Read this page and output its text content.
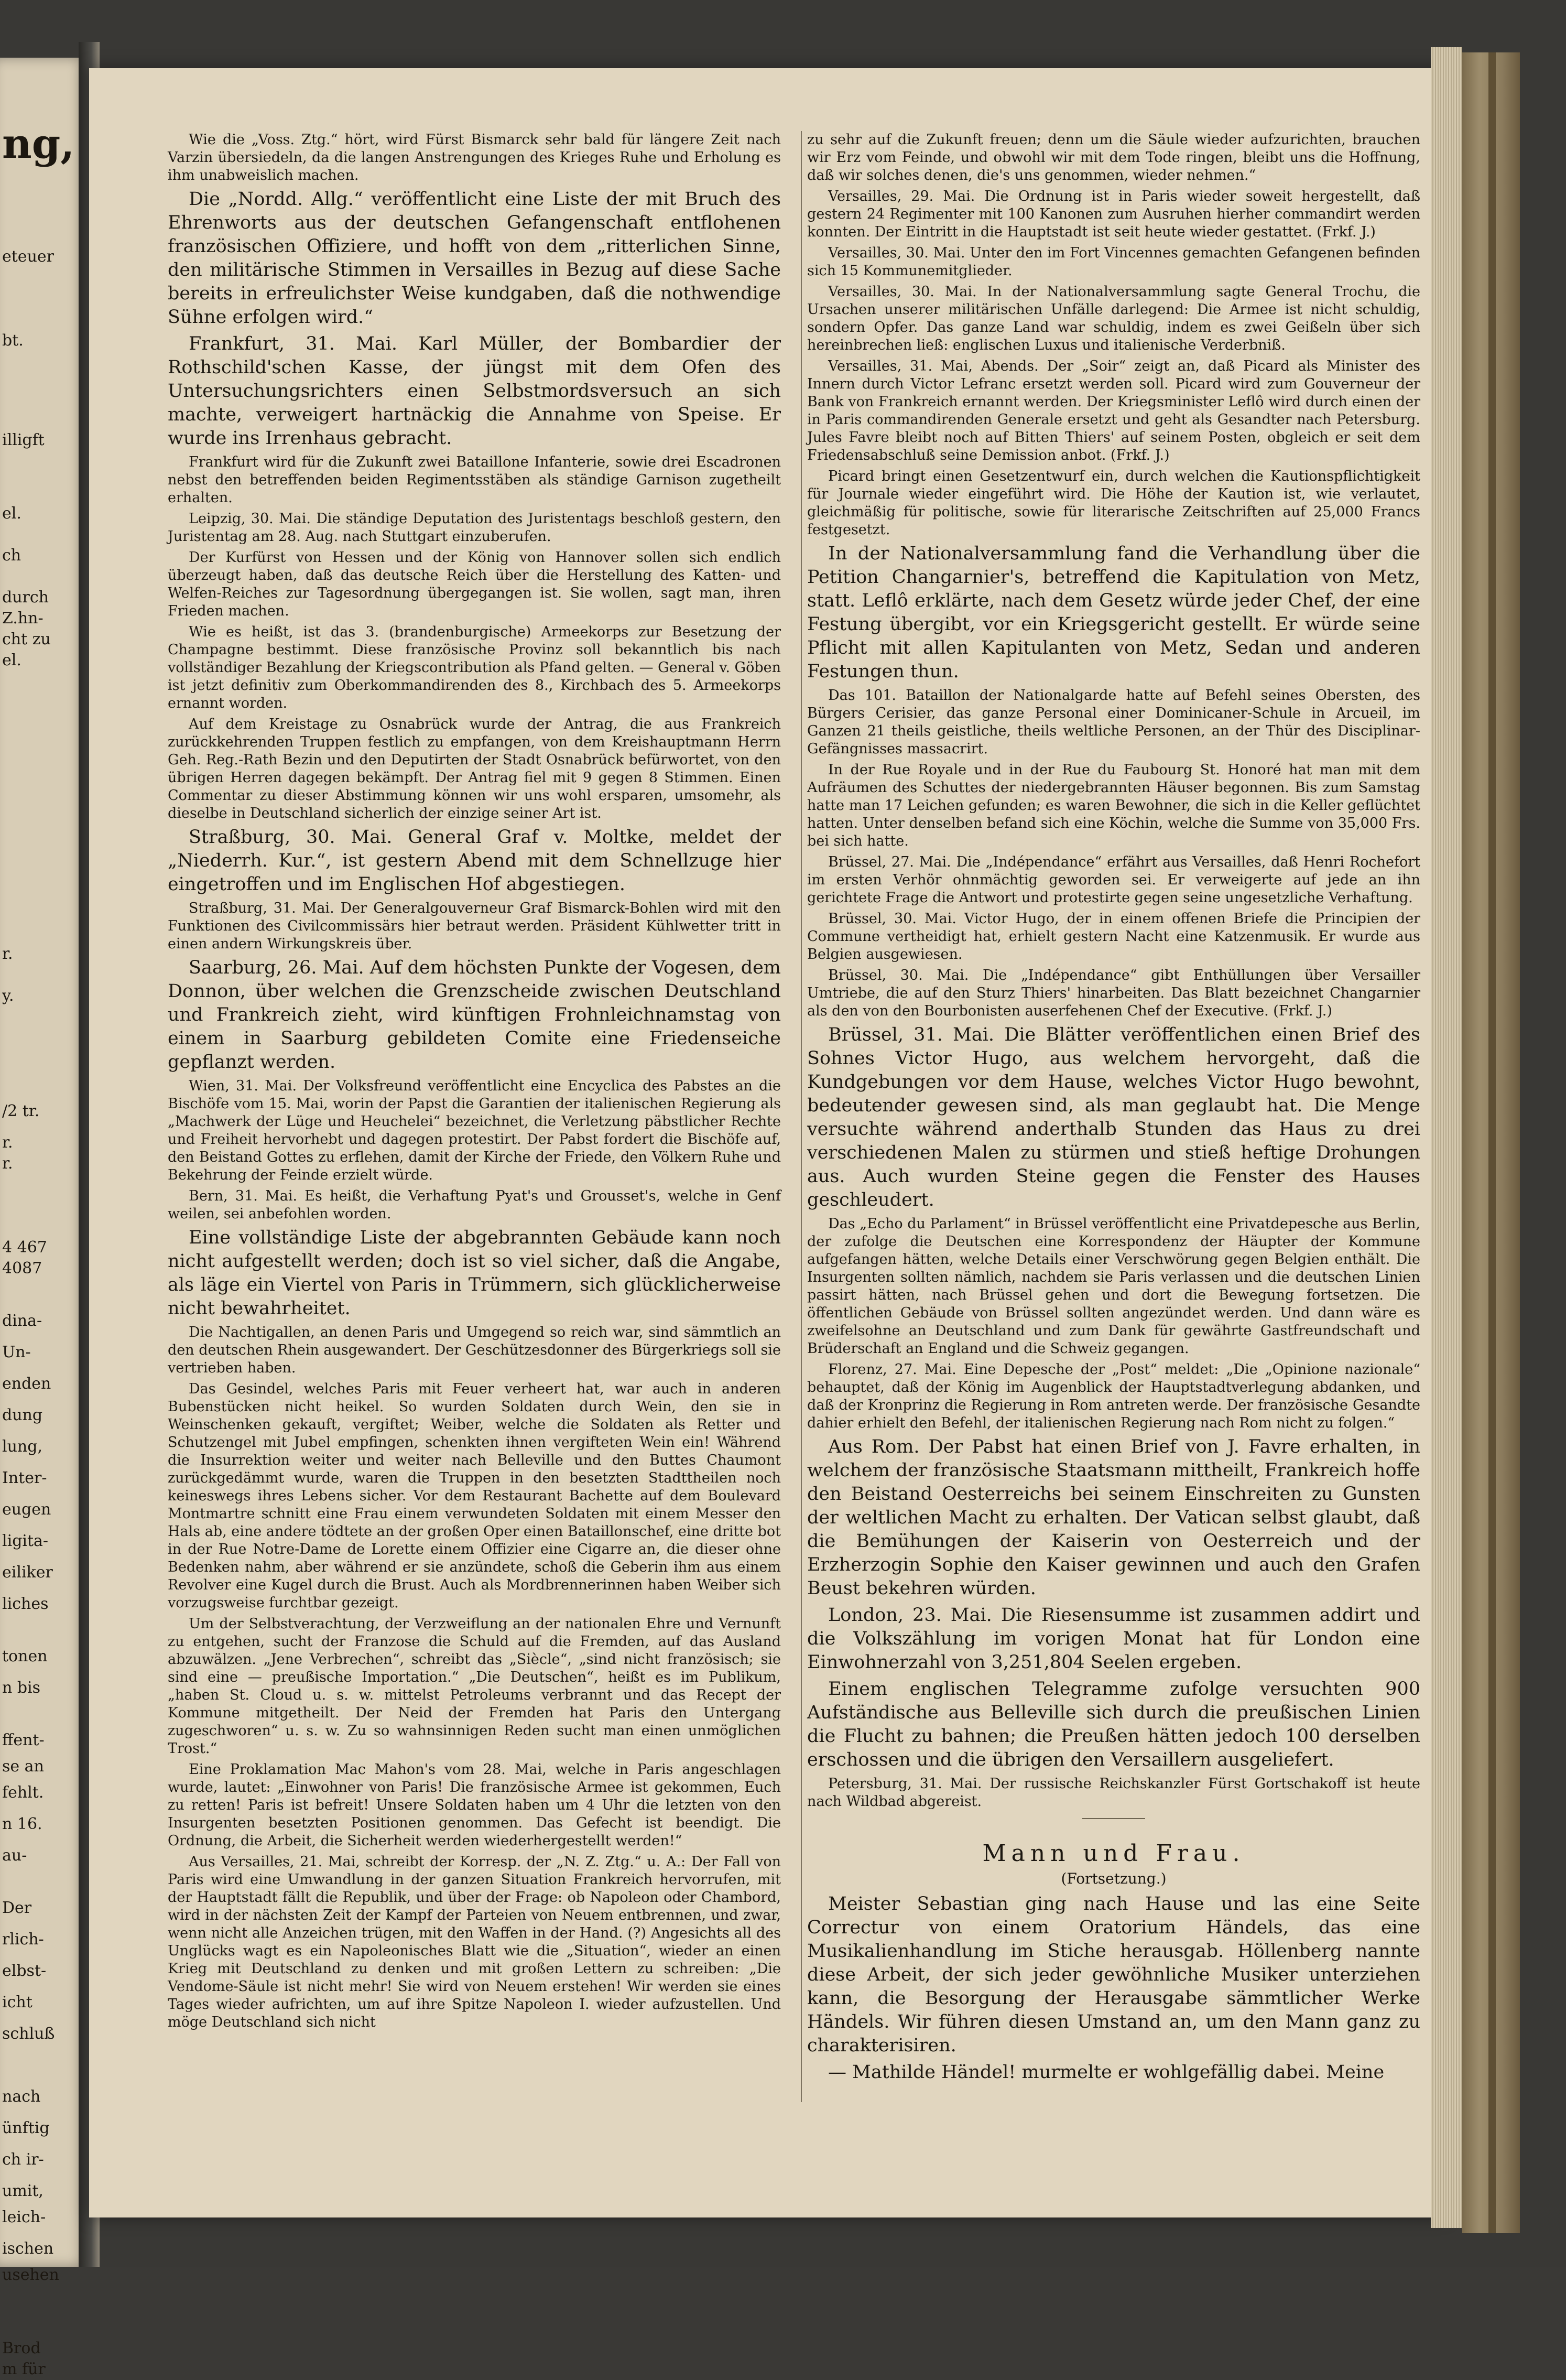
ng,
eteuer
bt.
illigft
el.
ch
durch
Z.hn-
cht zu
el.
r.
y.
/2 tr.
r.
r.
4 467
4087
dina-
Un-
enden
dung
lung,
Inter-
eugen
ligita-
eiliker
liches
tonen
n bis
ffent-
se an
fehlt.
n 16.
au-
Der
rlich-
elbst-
icht
schluß
nach
ünftig
ch ir-
umit,
leich-
ischen
usehen
Brod
m für

Wie die „Voss. Ztg.“ hört, wird Fürst Bismarck sehr bald für längere Zeit nach Varzin übersiedeln, da die langen Anstrengungen des Krieges Ruhe und Erholung es ihm unabweislich machen.

Die „Nordd. Allg.“ veröffentlicht eine Liste der mit Bruch des Ehrenworts aus der deutschen Gefangenschaft entflohenen französischen Offiziere, und hofft von dem „ritterlichen Sinne, den militärische Stimmen in Versailles in Bezug auf diese Sache bereits in erfreulichster Weise kundgaben, daß die nothwendige Sühne erfolgen wird.“

Frankfurt, 31. Mai. Karl Müller, der Bombardier der Rothschild'schen Kasse, der jüngst mit dem Ofen des Untersuchungsrichters einen Selbstmordsversuch an sich machte, verweigert hartnäckig die Annahme von Speise. Er wurde ins Irrenhaus gebracht.

Frankfurt wird für die Zukunft zwei Bataillone Infanterie, sowie drei Escadronen nebst den betreffenden beiden Regimentsstäben als ständige Garnison zugetheilt erhalten.

Leipzig, 30. Mai. Die ständige Deputation des Juristentags beschloß gestern, den Juristentag am 28. Aug. nach Stuttgart einzuberufen.

Der Kurfürst von Hessen und der König von Hannover sollen sich endlich überzeugt haben, daß das deutsche Reich über die Herstellung des Katten- und Welfen-Reiches zur Tagesordnung übergegangen ist. Sie wollen, sagt man, ihren Frieden machen.

Wie es heißt, ist das 3. (brandenburgische) Armeekorps zur Besetzung der Champagne bestimmt. Diese französische Provinz soll bekanntlich bis nach vollständiger Bezahlung der Kriegscontribution als Pfand gelten. — General v. Göben ist jetzt definitiv zum Oberkommandirenden des 8., Kirchbach des 5. Armeekorps ernannt worden.

Auf dem Kreistage zu Osnabrück wurde der Antrag, die aus Frankreich zurückkehrenden Truppen festlich zu empfangen, von dem Kreishauptmann Herrn Geh. Reg.-Rath Bezin und den Deputirten der Stadt Osnabrück befürwortet, von den übrigen Herren dagegen bekämpft. Der Antrag fiel mit 9 gegen 8 Stimmen. Einen Commentar zu dieser Abstimmung können wir uns wohl ersparen, umsomehr, als dieselbe in Deutschland sicherlich der einzige seiner Art ist.

Straßburg, 30. Mai. General Graf v. Moltke, meldet der „Niederrh. Kur.“, ist gestern Abend mit dem Schnellzuge hier eingetroffen und im Englischen Hof abgestiegen.

Straßburg, 31. Mai. Der Generalgouverneur Graf Bismarck-Bohlen wird mit den Funktionen des Civilcommissärs hier betraut werden. Präsident Kühlwetter tritt in einen andern Wirkungskreis über.

Saarburg, 26. Mai. Auf dem höchsten Punkte der Vogesen, dem Donnon, über welchen die Grenzscheide zwischen Deutschland und Frankreich zieht, wird künftigen Frohnleichnamstag von einem in Saarburg gebildeten Comite eine Friedenseiche gepflanzt werden.

Wien, 31. Mai. Der Volksfreund veröffentlicht eine Encyclica des Pabstes an die Bischöfe vom 15. Mai, worin der Papst die Garantien der italienischen Regierung als „Machwerk der Lüge und Heuchelei“ bezeichnet, die Verletzung päbstlicher Rechte und Freiheit hervorhebt und dagegen protestirt. Der Pabst fordert die Bischöfe auf, den Beistand Gottes zu erflehen, damit der Kirche der Friede, den Völkern Ruhe und Bekehrung der Feinde erzielt würde.

Bern, 31. Mai. Es heißt, die Verhaftung Pyat's und Grousset's, welche in Genf weilen, sei anbefohlen worden.

Eine vollständige Liste der abgebrannten Gebäude kann noch nicht aufgestellt werden; doch ist so viel sicher, daß die Angabe, als läge ein Viertel von Paris in Trümmern, sich glücklicherweise nicht bewahrheitet.

Die Nachtigallen, an denen Paris und Umgegend so reich war, sind sämmtlich an den deutschen Rhein ausgewandert. Der Geschützesdonner des Bürgerkriegs soll sie vertrieben haben.

Das Gesindel, welches Paris mit Feuer verheert hat, war auch in anderen Bubenstücken nicht heikel. So wurden Soldaten durch Wein, den sie in Weinschenken gekauft, vergiftet; Weiber, welche die Soldaten als Retter und Schutzengel mit Jubel empfingen, schenkten ihnen vergifteten Wein ein! Während die Insurrektion weiter und weiter nach Belleville und den Buttes Chaumont zurückgedämmt wurde, waren die Truppen in den besetzten Stadttheilen noch keineswegs ihres Lebens sicher. Vor dem Restaurant Bachette auf dem Boulevard Montmartre schnitt eine Frau einem verwundeten Soldaten mit einem Messer den Hals ab, eine andere tödtete an der großen Oper einen Bataillonschef, eine dritte bot in der Rue Notre-Dame de Lorette einem Offizier eine Cigarre an, die dieser ohne Bedenken nahm, aber während er sie anzündete, schoß die Geberin ihm aus einem Revolver eine Kugel durch die Brust. Auch als Mordbrennerinnen haben Weiber sich vorzugsweise furchtbar gezeigt.

Um der Selbstverachtung, der Verzweiflung an der nationalen Ehre und Vernunft zu entgehen, sucht der Franzose die Schuld auf die Fremden, auf das Ausland abzuwälzen. „Jene Verbrechen“, schreibt das „Siècle“, „sind nicht französisch; sie sind eine — preußische Importation.“ „Die Deutschen“, heißt es im Publikum, „haben St. Cloud u. s. w. mittelst Petroleums verbrannt und das Recept der Kommune mitgetheilt. Der Neid der Fremden hat Paris den Untergang zugeschworen“ u. s. w. Zu so wahnsinnigen Reden sucht man einen unmöglichen Trost.“

Eine Proklamation Mac Mahon's vom 28. Mai, welche in Paris angeschlagen wurde, lautet: „Einwohner von Paris! Die französische Armee ist gekommen, Euch zu retten! Paris ist befreit! Unsere Soldaten haben um 4 Uhr die letzten von den Insurgenten besetzten Positionen genommen. Das Gefecht ist beendigt. Die Ordnung, die Arbeit, die Sicherheit werden wiederhergestellt werden!“

Aus Versailles, 21. Mai, schreibt der Korresp. der „N. Z. Ztg.“ u. A.: Der Fall von Paris wird eine Umwandlung in der ganzen Situation Frankreich hervorrufen, mit der Hauptstadt fällt die Republik, und über der Frage: ob Napoleon oder Chambord, wird in der nächsten Zeit der Kampf der Parteien von Neuem entbrennen, und zwar, wenn nicht alle Anzeichen trügen, mit den Waffen in der Hand. (?) Angesichts all des Unglücks wagt es ein Napoleonisches Blatt wie die „Situation“, wieder an einen Krieg mit Deutschland zu denken und mit großen Lettern zu schreiben: „Die Vendome-Säule ist nicht mehr! Sie wird von Neuem erstehen! Wir werden sie eines Tages wieder aufrichten, um auf ihre Spitze Napoleon I. wieder aufzustellen. Und möge Deutschland sich nicht

zu sehr auf die Zukunft freuen; denn um die Säule wieder aufzurichten, brauchen wir Erz vom Feinde, und obwohl wir mit dem Tode ringen, bleibt uns die Hoffnung, daß wir solches denen, die's uns genommen, wieder nehmen.“

Versailles, 29. Mai. Die Ordnung ist in Paris wieder soweit hergestellt, daß gestern 24 Regimenter mit 100 Kanonen zum Ausruhen hierher commandirt werden konnten. Der Eintritt in die Hauptstadt ist seit heute wieder gestattet. (Frkf. J.)

Versailles, 30. Mai. Unter den im Fort Vincennes gemachten Gefangenen befinden sich 15 Kommunemitglieder.

Versailles, 30. Mai. In der Nationalversammlung sagte General Trochu, die Ursachen unserer militärischen Unfälle darlegend: Die Armee ist nicht schuldig, sondern Opfer. Das ganze Land war schuldig, indem es zwei Geißeln über sich hereinbrechen ließ: englischen Luxus und italienische Verderbniß.

Versailles, 31. Mai, Abends. Der „Soir“ zeigt an, daß Picard als Minister des Innern durch Victor Lefranc ersetzt werden soll. Picard wird zum Gouverneur der Bank von Frankreich ernannt werden. Der Kriegsminister Leflô wird durch einen der in Paris commandirenden Generale ersetzt und geht als Gesandter nach Petersburg. Jules Favre bleibt noch auf Bitten Thiers' auf seinem Posten, obgleich er seit dem Friedensabschluß seine Demission anbot. (Frkf. J.)

Picard bringt einen Gesetzentwurf ein, durch welchen die Kautionspflichtigkeit für Journale wieder eingeführt wird. Die Höhe der Kaution ist, wie verlautet, gleichmäßig für politische, sowie für literarische Zeitschriften auf 25,000 Francs festgesetzt.

In der Nationalversammlung fand die Verhandlung über die Petition Changarnier's, betreffend die Kapitulation von Metz, statt. Leflô erklärte, nach dem Gesetz würde jeder Chef, der eine Festung übergibt, vor ein Kriegsgericht gestellt. Er würde seine Pflicht mit allen Kapitulanten von Metz, Sedan und anderen Festungen thun.

Das 101. Bataillon der Nationalgarde hatte auf Befehl seines Obersten, des Bürgers Cerisier, das ganze Personal einer Dominicaner-Schule in Arcueil, im Ganzen 21 theils geistliche, theils weltliche Personen, an der Thür des Disciplinar-Gefängnisses massacrirt.

In der Rue Royale und in der Rue du Faubourg St. Honoré hat man mit dem Aufräumen des Schuttes der niedergebrannten Häuser begonnen. Bis zum Samstag hatte man 17 Leichen gefunden; es waren Bewohner, die sich in die Keller geflüchtet hatten. Unter denselben befand sich eine Köchin, welche die Summe von 35,000 Frs. bei sich hatte.

Brüssel, 27. Mai. Die „Indépendance“ erfährt aus Versailles, daß Henri Rochefort im ersten Verhör ohnmächtig geworden sei. Er verweigerte auf jede an ihn gerichtete Frage die Antwort und protestirte gegen seine ungesetzliche Verhaftung.

Brüssel, 30. Mai. Victor Hugo, der in einem offenen Briefe die Principien der Commune vertheidigt hat, erhielt gestern Nacht eine Katzenmusik. Er wurde aus Belgien ausgewiesen.

Brüssel, 30. Mai. Die „Indépendance“ gibt Enthüllungen über Versailler Umtriebe, die auf den Sturz Thiers' hinarbeiten. Das Blatt bezeichnet Changarnier als den von den Bourbonisten auserfehenen Chef der Executive. (Frkf. J.)

Brüssel, 31. Mai. Die Blätter veröffentlichen einen Brief des Sohnes Victor Hugo, aus welchem hervorgeht, daß die Kundgebungen vor dem Hause, welches Victor Hugo bewohnt, bedeutender gewesen sind, als man geglaubt hat. Die Menge versuchte während anderthalb Stunden das Haus zu drei verschiedenen Malen zu stürmen und stieß heftige Drohungen aus. Auch wurden Steine gegen die Fenster des Hauses geschleudert.

Das „Echo du Parlament“ in Brüssel veröffentlicht eine Privatdepesche aus Berlin, der zufolge die Deutschen eine Korrespondenz der Häupter der Kommune aufgefangen hätten, welche Details einer Verschwörung gegen Belgien enthält. Die Insurgenten sollten nämlich, nachdem sie Paris verlassen und die deutschen Linien passirt hätten, nach Brüssel gehen und dort die Bewegung fortsetzen. Die öffentlichen Gebäude von Brüssel sollten angezündet werden. Und dann wäre es zweifelsohne an Deutschland und zum Dank für gewährte Gastfreundschaft und Brüderschaft an England und die Schweiz gegangen.

Florenz, 27. Mai. Eine Depesche der „Post“ meldet: „Die „Opinione nazionale“ behauptet, daß der König im Augenblick der Hauptstadtverlegung abdanken, und daß der Kronprinz die Regierung in Rom antreten werde. Der französische Gesandte dahier erhielt den Befehl, der italienischen Regierung nach Rom nicht zu folgen.“

Aus Rom. Der Pabst hat einen Brief von J. Favre erhalten, in welchem der französische Staatsmann mittheilt, Frankreich hoffe den Beistand Oesterreichs bei seinem Einschreiten zu Gunsten der weltlichen Macht zu erhalten. Der Vatican selbst glaubt, daß die Bemühungen der Kaiserin von Oesterreich und der Erzherzogin Sophie den Kaiser gewinnen und auch den Grafen Beust bekehren würden.

London, 23. Mai. Die Riesensumme ist zusammen addirt und die Volkszählung im vorigen Monat hat für London eine Einwohnerzahl von 3,251,804 Seelen ergeben.

Einem englischen Telegramme zufolge versuchten 900 Aufständische aus Belleville sich durch die preußischen Linien die Flucht zu bahnen; die Preußen hätten jedoch 100 derselben erschossen und die übrigen den Versaillern ausgeliefert.

Petersburg, 31. Mai. Der russische Reichskanzler Fürst Gortschakoff ist heute nach Wildbad abgereist.

Mann und Frau.
(Fortsetzung.)

Meister Sebastian ging nach Hause und las eine Seite Correctur von einem Oratorium Händels, das eine Musikalienhandlung im Stiche herausgab. Höllenberg nannte diese Arbeit, der sich jeder gewöhnliche Musiker unterziehen kann, die Besorgung der Herausgabe sämmtlicher Werke Händels. Wir führen diesen Umstand an, um den Mann ganz zu charakterisiren.

— Mathilde Händel! murmelte er wohlgefällig dabei. Meine
